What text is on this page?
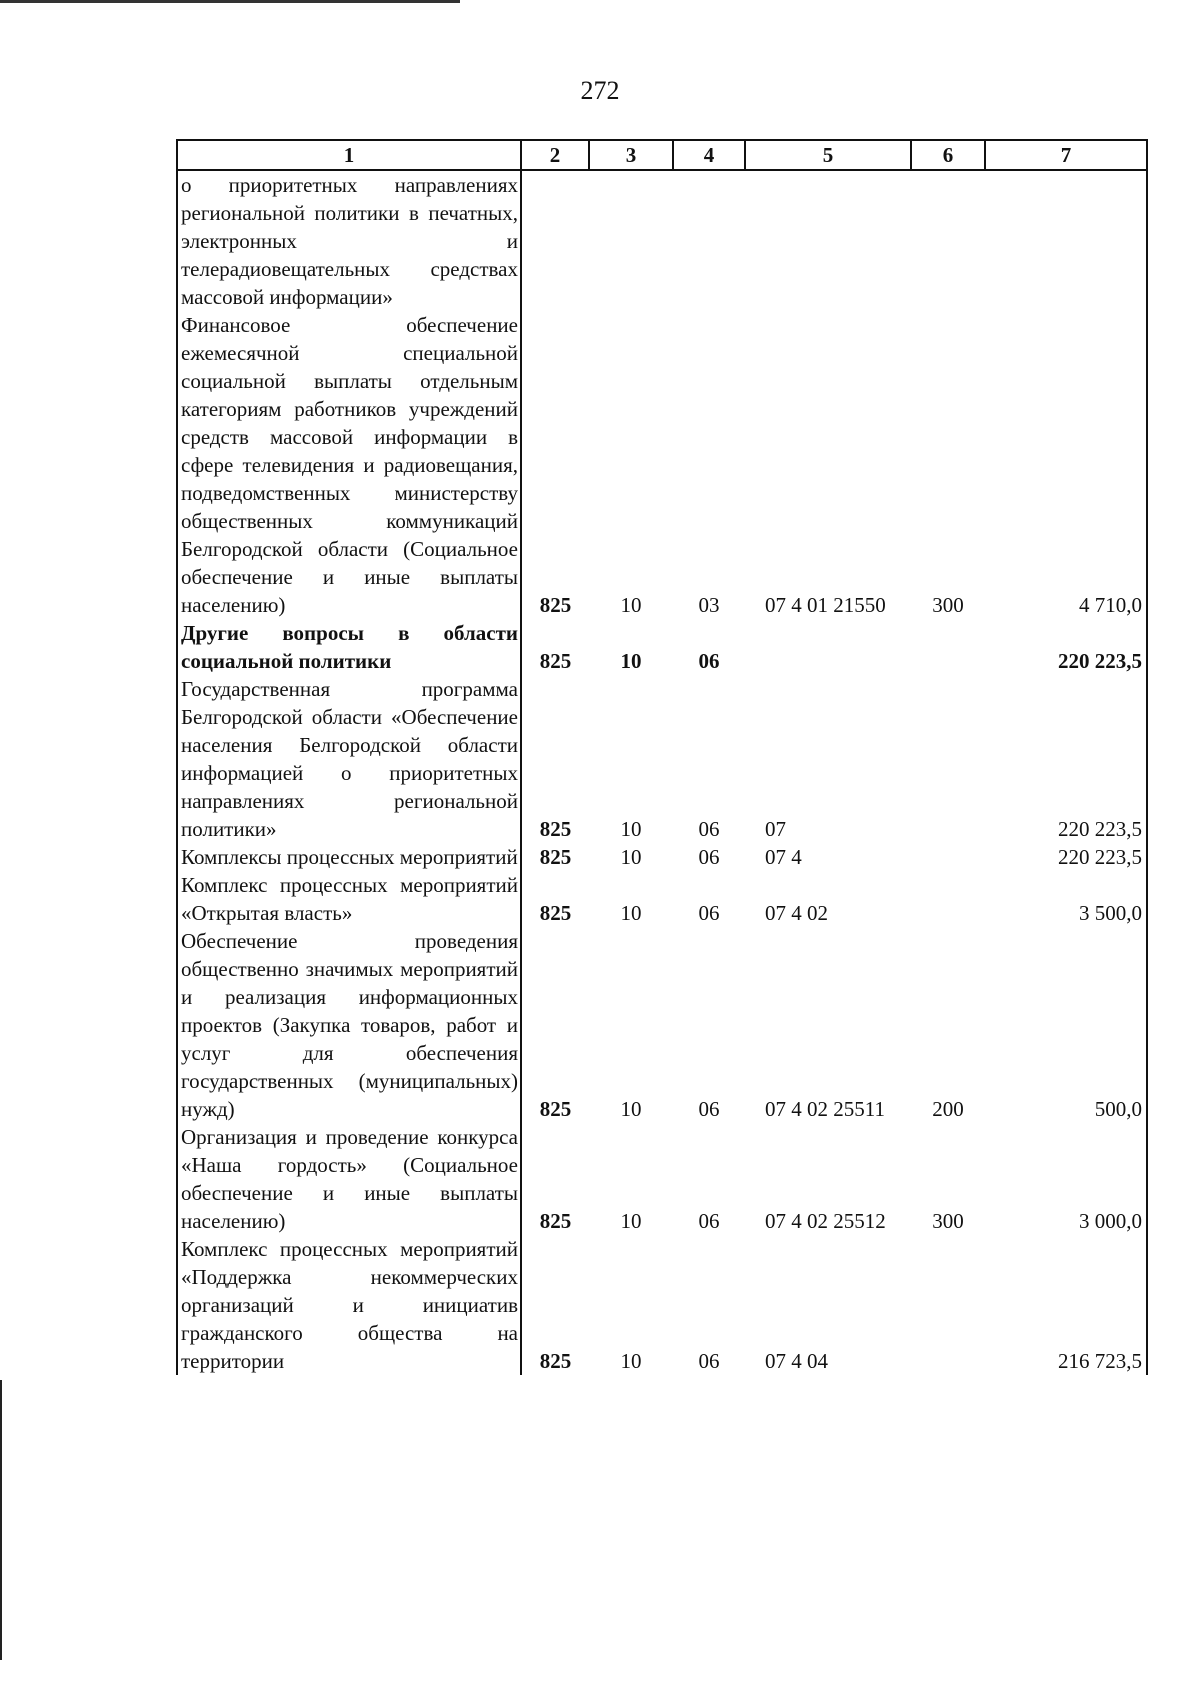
272
1	2	3	4	5	6	7
о приоритетных направлениях региональной политики в печатных, электронных и телерадиовещательных средствах массовой информации»						
Финансовое обеспечение ежемесячной специальной социальной выплаты отдельным категориям работников учреждений средств массовой информации в сфере телевидения и радиовещания, подведомственных министерству общественных коммуникаций Белгородской области (Социальное обеспечение и иные выплаты населению)	825	10	03	07 4 01 21550	300	4 710,0
Другие вопросы в области социальной политики	825	10	06			220 223,5
Государственная программа Белгородской области «Обеспечение населения Белгородской области информацией о приоритетных направлениях региональной политики»	825	10	06	07		220 223,5
Комплексы процессных мероприятий	825	10	06	07 4		220 223,5
Комплекс процессных мероприятий «Открытая власть»	825	10	06	07 4 02		3 500,0
Обеспечение проведения общественно значимых мероприятий и реализация информационных проектов (Закупка товаров, работ и услуг для обеспечения государственных (муниципальных) нужд)	825	10	06	07 4 02 25511	200	500,0
Организация и проведение конкурса «Наша гордость» (Социальное обеспечение и иные выплаты населению)	825	10	06	07 4 02 25512	300	3 000,0
Комплекс процессных мероприятий «Поддержка некоммерческих организаций и инициатив гражданского общества на территории	825	10	06	07 4 04		216 723,5
